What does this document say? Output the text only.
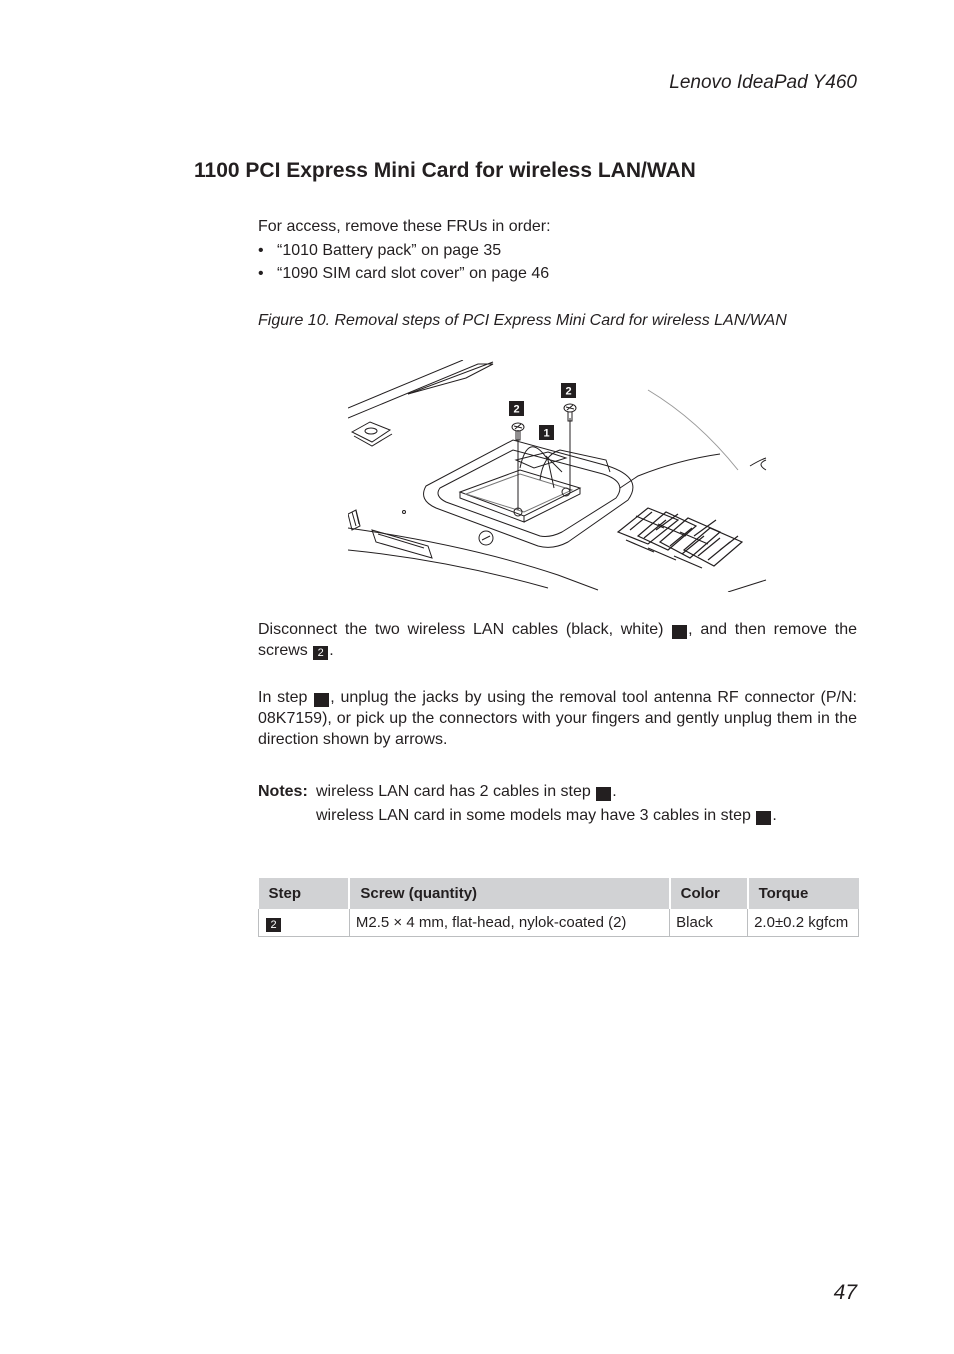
Lenovo IdeaPad Y460
1100 PCI Express Mini Card for wireless LAN/WAN
For access, remove these FRUs in order:
• “1010 Battery pack” on page 35
• “1090 SIM card slot cover” on page 46
Figure 10. Removal steps of PCI Express Mini Card for wireless LAN/WAN
2
2
1
Disconnect the two wireless LAN cables (black, white)  , and then remove the screws 2 .
In step  , unplug the jacks by using the removal tool antenna RF connector (P/N: 08K7159), or pick up the connectors with your fingers and gently unplug them in the direction shown by arrows.
Notes: wireless LAN card has 2 cables in step  .
wireless LAN card in some models may have 3 cables in step  .
Step	Screw (quantity)	Color	Torque
2	M2.5 × 4 mm, flat-head, nylok-coated (2)	Black	2.0±0.2 kgfcm
47
